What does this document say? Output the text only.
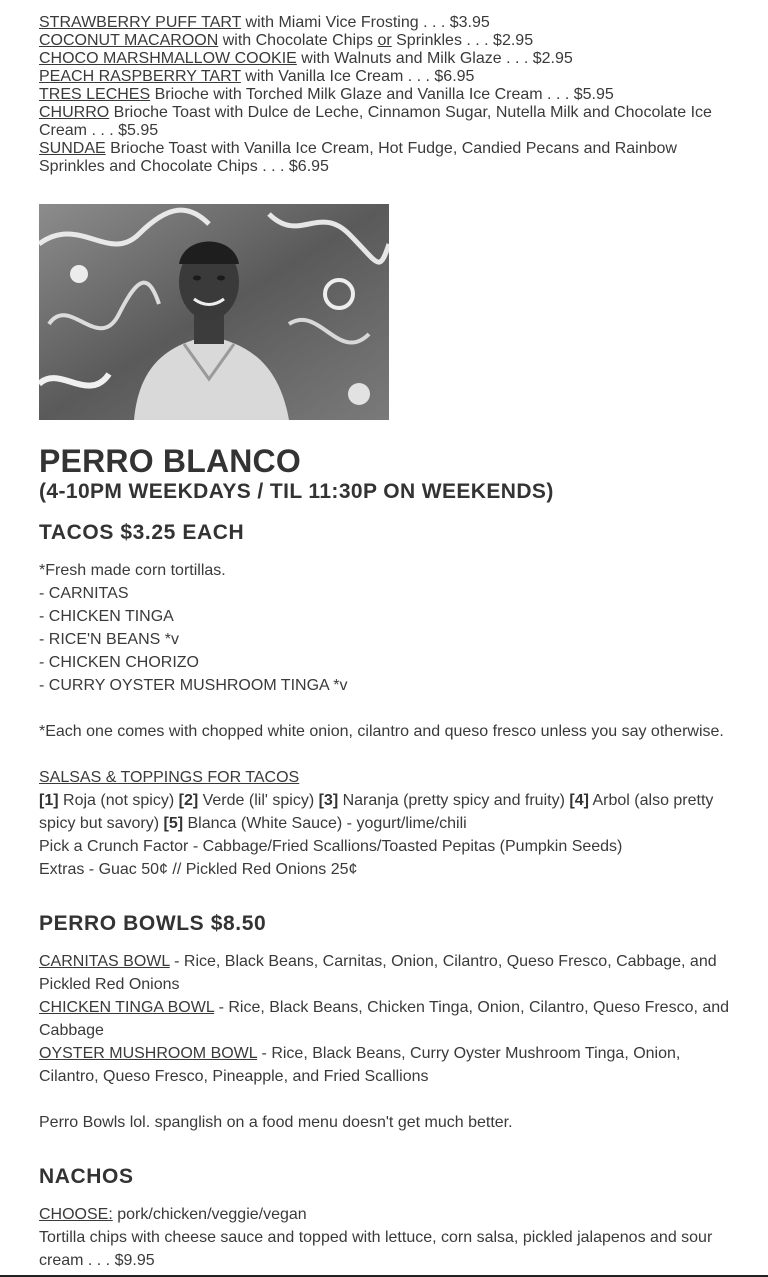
STRAWBERRY PUFF TART with Miami Vice Frosting . . . $3.95

COCONUT MACAROON with Chocolate Chips or Sprinkles . . . $2.95

CHOCO MARSHMALLOW COOKIE with Walnuts and Milk Glaze . . . $2.95

PEACH RASPBERRY TART with Vanilla Ice Cream . . . $6.95

TRES LECHES Brioche with Torched Milk Glaze and Vanilla Ice Cream . . . $5.95

CHURRO Brioche Toast with Dulce de Leche, Cinnamon Sugar, Nutella Milk and Chocolate Ice Cream . . . $5.95

SUNDAE Brioche Toast with Vanilla Ice Cream, Hot Fudge, Candied Pecans and Rainbow Sprinkles and Chocolate Chips . . . $6.95

PERRO BLANCO
(4-10PM WEEKDAYS / TIL 11:30P ON WEEKENDS)
TACOS $3.25 EACH

*Fresh made corn tortillas.

- CARNITAS

- CHICKEN TINGA

- RICE'N BEANS *v

- CHICKEN CHORIZO

- CURRY OYSTER MUSHROOM TINGA *v

*Each one comes with chopped white onion, cilantro and queso fresco unless you say otherwise.

SALSAS & TOPPINGS FOR TACOS

[1] Roja (not spicy) [2] Verde (lil' spicy) [3] Naranja (pretty spicy and fruity) [4] Arbol (also pretty spicy but savory) [5] Blanca (White Sauce) - yogurt/lime/chili

Pick a Crunch Factor - Cabbage/Fried Scallions/Toasted Pepitas (Pumpkin Seeds)

Extras - Guac 50¢ // Pickled Red Onions 25¢

PERRO BOWLS $8.50

CARNITAS BOWL - Rice, Black Beans, Carnitas, Onion, Cilantro, Queso Fresco, Cabbage, and Pickled Red Onions

CHICKEN TINGA BOWL - Rice, Black Beans, Chicken Tinga, Onion, Cilantro, Queso Fresco, and Cabbage

OYSTER MUSHROOM BOWL - Rice, Black Beans, Curry Oyster Mushroom Tinga, Onion, Cilantro, Queso Fresco, Pineapple, and Fried Scallions

Perro Bowls lol. spanglish on a food menu doesn't get much better.

NACHOS

CHOOSE: pork/chicken/veggie/vegan

Tortilla chips with cheese sauce and topped with lettuce, corn salsa, pickled jalapenos and sour cream . . . $9.95
